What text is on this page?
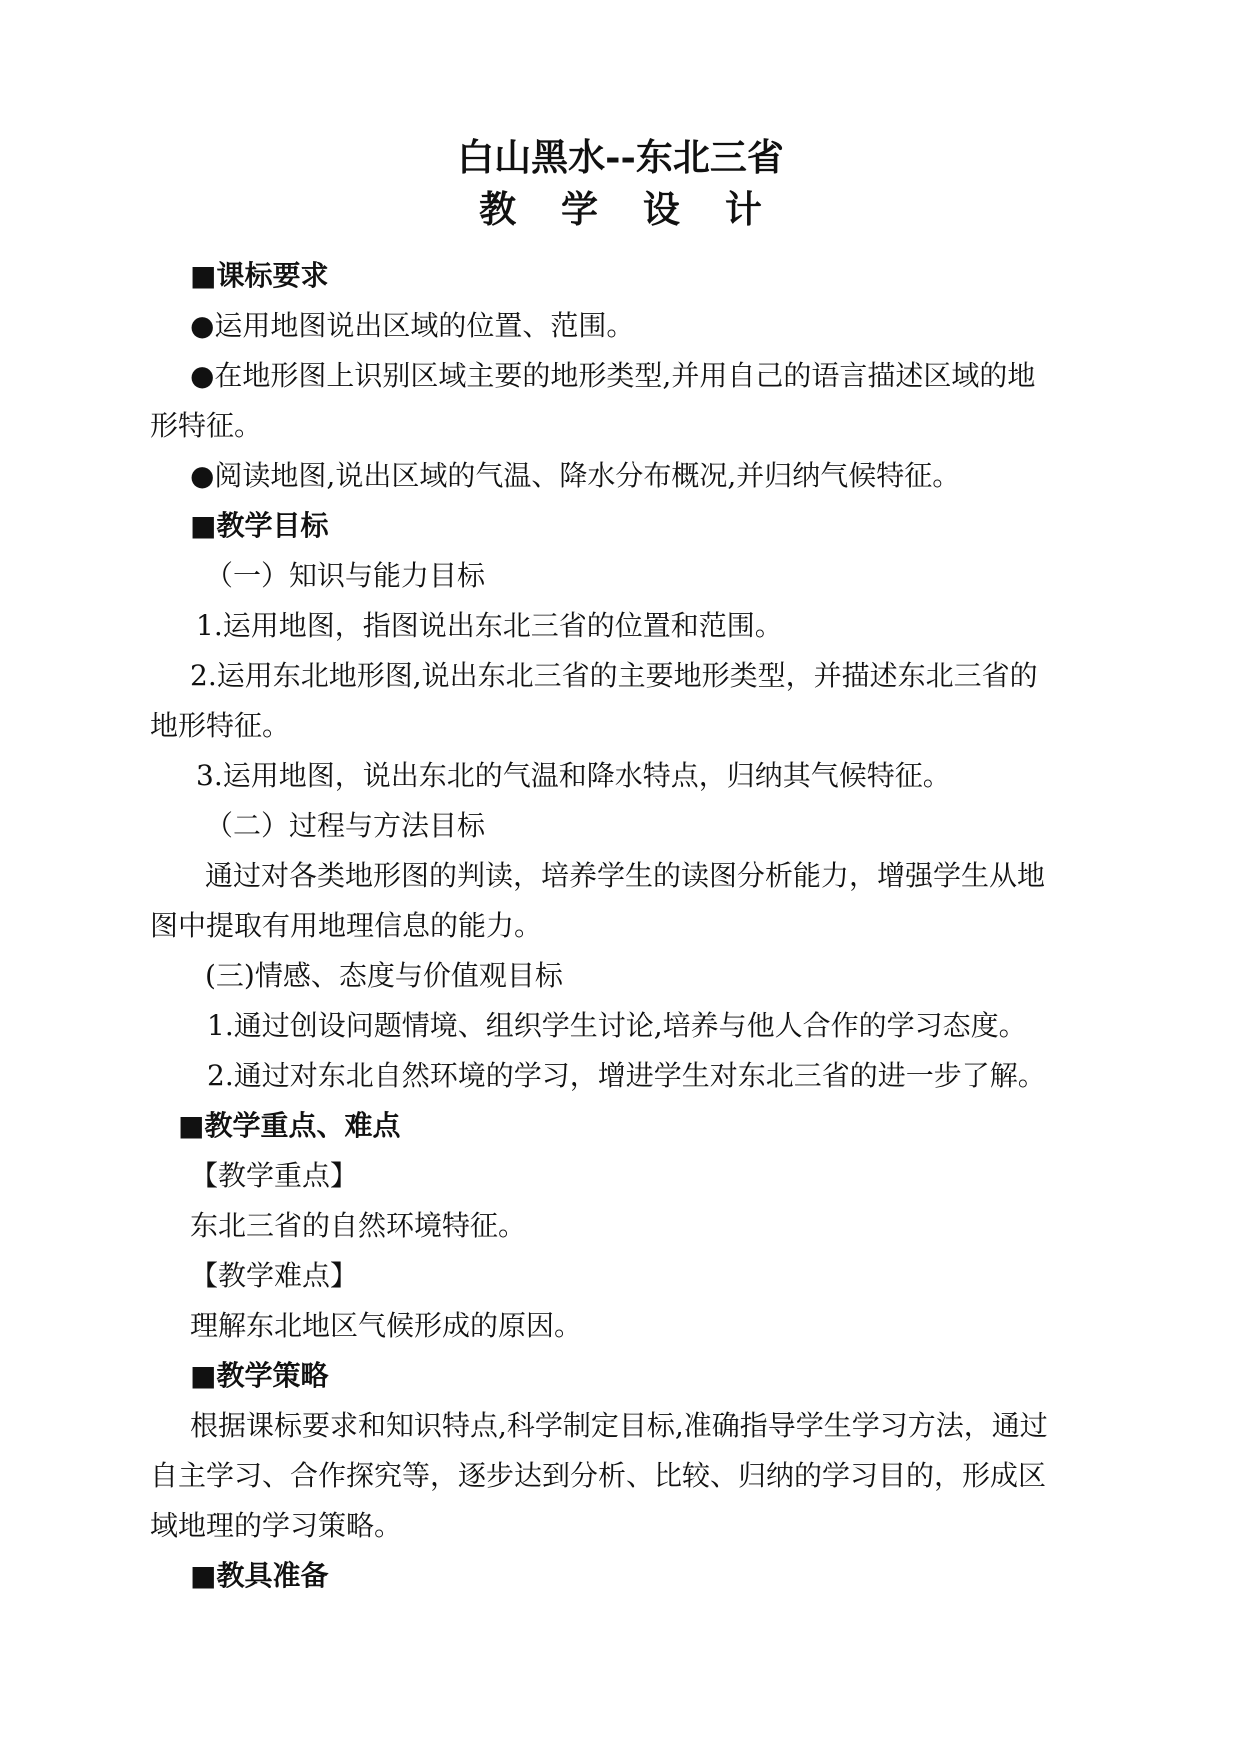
白山黑水--东北三省
教 学 设 计
■课标要求
●运用地图说出区域的位置、范围。
●在地形图上识别区域主要的地形类型,并用自己的语言描述区域的地
形特征。
●阅读地图,说出区域的气温、降水分布概况,并归纳气候特征。
■教学目标
（一）知识与能力目标
1.运用地图，指图说出东北三省的位置和范围。
2.运用东北地形图,说出东北三省的主要地形类型，并描述东北三省的
地形特征。
3.运用地图，说出东北的气温和降水特点，归纳其气候特征。
（二）过程与方法目标
通过对各类地形图的判读，培养学生的读图分析能力，增强学生从地
图中提取有用地理信息的能力。
(三)情感、态度与价值观目标
1.通过创设问题情境、组织学生讨论,培养与他人合作的学习态度。
2.通过对东北自然环境的学习，增进学生对东北三省的进一步了解。
■教学重点、难点
【教学重点】
东北三省的自然环境特征。
【教学难点】
理解东北地区气候形成的原因。
■教学策略
根据课标要求和知识特点,科学制定目标,准确指导学生学习方法，通过
自主学习、合作探究等，逐步达到分析、比较、归纳的学习目的，形成区
域地理的学习策略。
■教具准备
